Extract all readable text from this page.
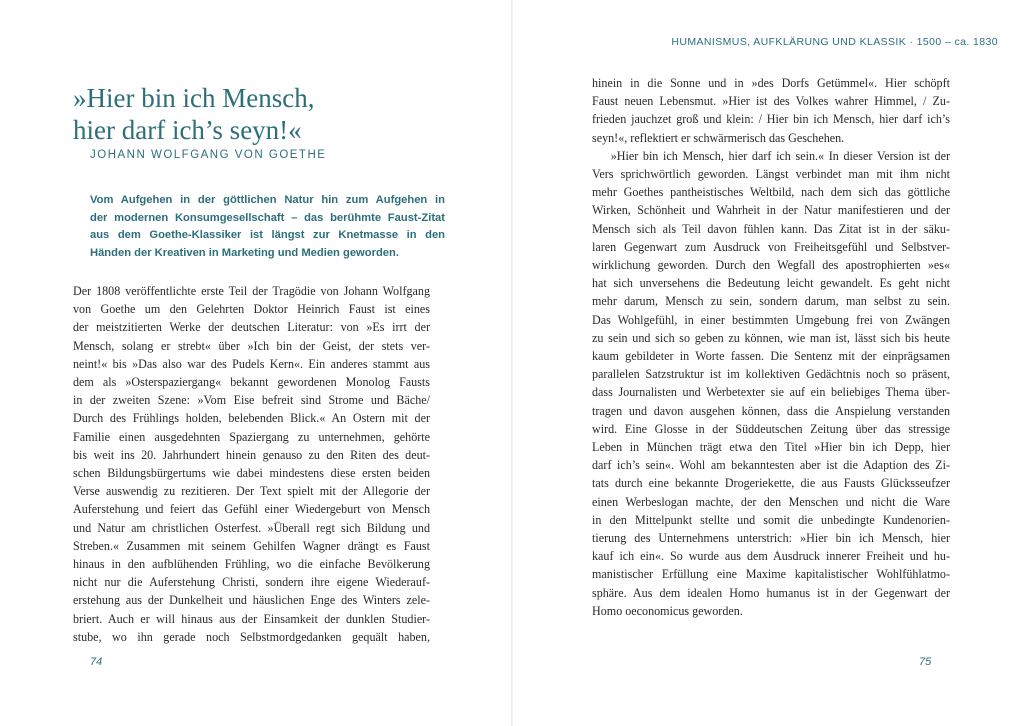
»Hier bin ich Mensch,
hier darf ich’s seyn!«
JOHANN WOLFGANG VON GOETHE
Vom Aufgehen in der göttlichen Natur hin zum Aufgehen in
der modernen Konsumgesellschaft – das berühmte Faust-Zitat
aus dem Goethe-Klassiker ist längst zur Knetmasse in den
Händen der Kreativen in Marketing und Medien geworden.
Der 1808 veröffentlichte erste Teil der Tragödie von Johann Wolfgang
von Goethe um den Gelehrten Doktor Heinrich Faust ist eines
der meistzitierten Werke der deutschen Literatur: von »Es irrt der
Mensch, solang er strebt« über »Ich bin der Geist, der stets ver-
neint!« bis »Das also war des Pudels Kern«. Ein anderes stammt aus
dem als »Osterspaziergang« bekannt gewordenen Monolog Fausts
in der zweiten Szene: »Vom Eise befreit sind Strome und Bäche/
Durch des Frühlings holden, belebenden Blick.« An Ostern mit der
Familie einen ausgedehnten Spaziergang zu unternehmen, gehörte
bis weit ins 20. Jahrhundert hinein genauso zu den Riten des deut-
schen Bildungsbürgertums wie dabei mindestens diese ersten beiden
Verse auswendig zu rezitieren. Der Text spielt mit der Allegorie der
Auferstehung und feiert das Gefühl einer Wiedergeburt von Mensch
und Natur am christlichen Osterfest. »Überall regt sich Bildung und
Streben.« Zusammen mit seinem Gehilfen Wagner drängt es Faust
hinaus in den aufblühenden Frühling, wo die einfache Bevölkerung
nicht nur die Auferstehung Christi, sondern ihre eigene Wiederauf-
erstehung aus der Dunkelheit und häuslichen Enge des Winters zele-
briert. Auch er will hinaus aus der Einsamkeit der dunklen Studier-
stube, wo ihn gerade noch Selbstmordgedanken gequält haben,
74
HUMANISMUS, AUFKLÄRUNG UND KLASSIK · 1500 – ca. 1830
hinein in die Sonne und in »des Dorfs Getümmel«. Hier schöpft
Faust neuen Lebensmut. »Hier ist des Volkes wahrer Himmel, / Zu-
frieden jauchzet groß und klein: / Hier bin ich Mensch, hier darf ich’s
seyn!«, reflektiert er schwärmerisch das Geschehen.
»Hier bin ich Mensch, hier darf ich sein.« In dieser Version ist der
Vers sprichwörtlich geworden. Längst verbindet man mit ihm nicht
mehr Goethes pantheistisches Weltbild, nach dem sich das göttliche
Wirken, Schönheit und Wahrheit in der Natur manifestieren und der
Mensch sich als Teil davon fühlen kann. Das Zitat ist in der säku-
laren Gegenwart zum Ausdruck von Freiheitsgefühl und Selbstver-
wirklichung geworden. Durch den Wegfall des apostrophierten »es«
hat sich unversehens die Bedeutung leicht gewandelt. Es geht nicht
mehr darum, Mensch zu sein, sondern darum, man selbst zu sein.
Das Wohlgefühl, in einer bestimmten Umgebung frei von Zwängen
zu sein und sich so geben zu können, wie man ist, lässt sich bis heute
kaum gebildeter in Worte fassen. Die Sentenz mit der einprägsamen
parallelen Satzstruktur ist im kollektiven Gedächtnis noch so präsent,
dass Journalisten und Werbetexter sie auf ein beliebiges Thema über-
tragen und davon ausgehen können, dass die Anspielung verstanden
wird. Eine Glosse in der Süddeutschen Zeitung über das stressige
Leben in München trägt etwa den Titel »Hier bin ich Depp, hier
darf ich’s sein«. Wohl am bekanntesten aber ist die Adaption des Zi-
tats durch eine bekannte Drogeriekette, die aus Fausts Glücksseufzer
einen Werbeslogan machte, der den Menschen und nicht die Ware
in den Mittelpunkt stellte und somit die unbedingte Kundenorien-
tierung des Unternehmens unterstrich: »Hier bin ich Mensch, hier
kauf ich ein«. So wurde aus dem Ausdruck innerer Freiheit und hu-
manistischer Erfüllung eine Maxime kapitalistischer Wohlfühlatmo-
sphäre. Aus dem idealen Homo humanus ist in der Gegenwart der
Homo oeconomicus geworden.
75
